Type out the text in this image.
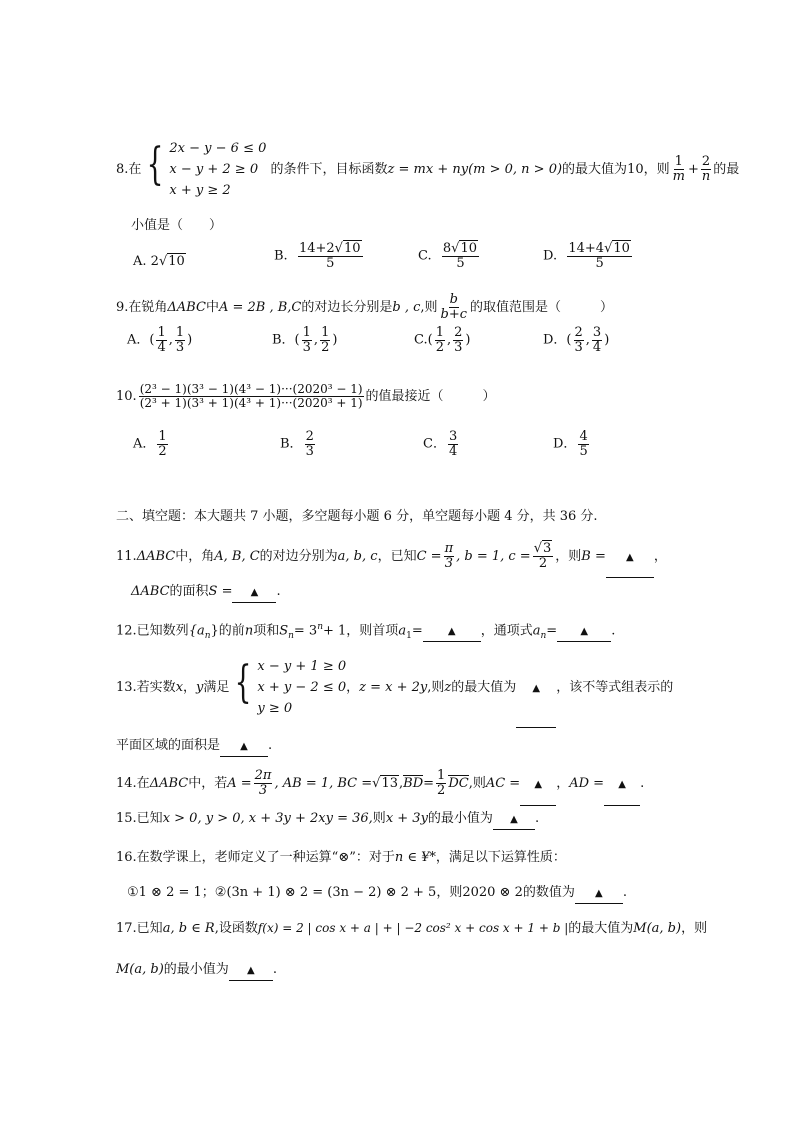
8.在 { 2x − y − 6 ≤ 0
x − y + 2 ≥ 0
x + y ≥ 2
的条件下，目标函数z = mx + ny(m > 0, n > 0)的最大值为10，则 $\frac{1}{m} + \frac{2}{n}$ 的最
小值是（　　）
A. 2√10	B. $\frac{14+2√10}{5}$	C. $\frac{8√10}{5}$	D. $\frac{14+4√10}{5}$
9.在锐角ΔABC中A = 2B , B,C的对边长分别是b , c,则 $\frac{b}{b+c}$ 的取值范围是（　　　）
A．( $\frac{1}{4}$ , $\frac{1}{3}$ )	B．( $\frac{1}{3}$ , $\frac{1}{2}$ )	$C.( \frac{1}{2}$ , $\frac{2}{3}$ )	D．( $\frac{2}{3}$ , $\frac{3}{4}$ )
10. $\frac{\text{(2³ − 1)(3³ − 1)(4³ − 1)···(2020³ − 1)}}{\text{(2³ + 1)(3³ + 1)(4³ + 1)···(2020³ + 1)}}$ 的值最接近（　　　）
A． $\frac{1}{2}$	B． $\frac{2}{3}$	C． $\frac{3}{4}$	D． $\frac{4}{5}$
二、填空题：本大题共 7 小题，多空题每小题 6 分，单空题每小题 4 分，共 36 分.
11.ΔABC中，角A, B, C的对边分别为a, b, c，已知$C = \frac{\pi}{3}$ , b = 1, $c = \frac{√3}{2}$ ，则B = ▲ ，
ΔABC的面积S = ▲ .
12.已知数列$\{a_n\}$的前n项和$S_n= 3^n+ 1$，则首项$a_1=$	▲ ，通项式$a_n=$ ▲ .
13.若实数x，y满足 { x − y + 1 ≥ 0
x + y − 2 ≤ 0
y ≥ 0
，z = x + 2y,则z的最大值为 ▲ ，该不等式组表示的
平面区域的面积是 ▲ .
14.在ΔABC中，若$A = \frac{2\pi}{3}$ , AB = 1, BC $=√13,BD= \frac{1}{2}$ DC,则AC = ▲ ，AD = ▲ .
15.已知x > 0, y > 0, x + 3y + 2xy = 36,则x + 3y的最小值为 ▲ .
16.在数学课上，老师定义了一种运算“⊗”：对于n ∈ ¥*，满足以下运算性质：
①1 ⊗ 2 = 1；②(3n + 1) ⊗ 2 = (3n − 2) ⊗ 2 + 5，则2020 ⊗ 2的数值为 ▲ .
17.已知a, b ∈ R,设函数f(x) = 2 | cos x + a | + | −2 cos² x + cos x + 1 + b |的最大值为M(a, b)，则
M(a, b)的最小值为 ▲ .
